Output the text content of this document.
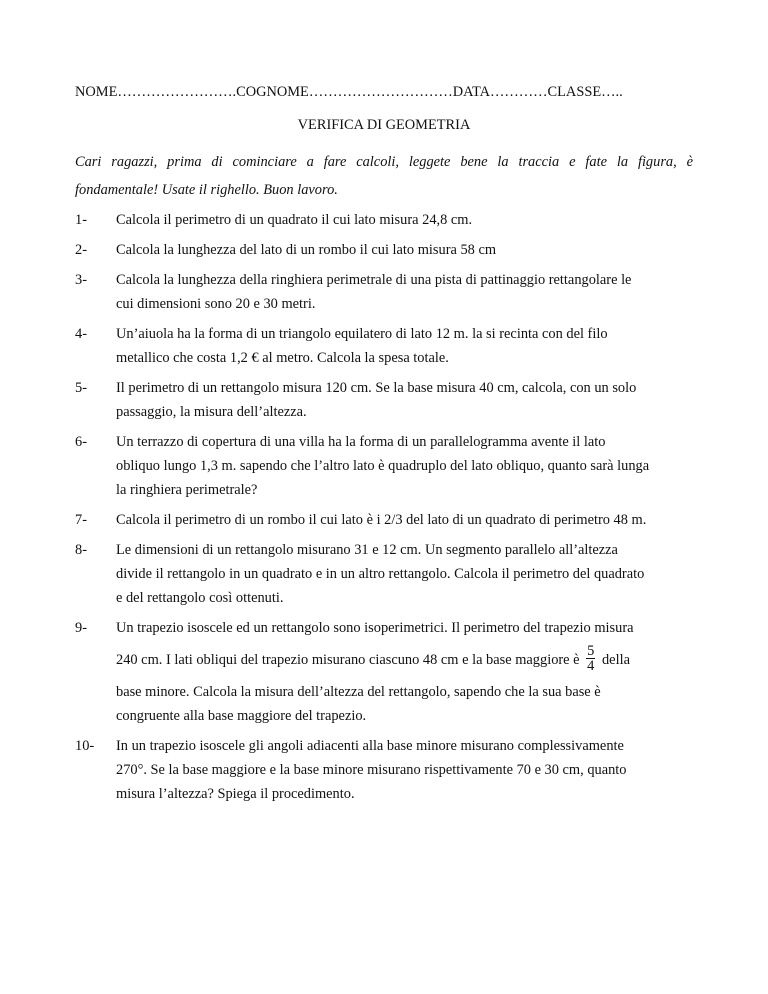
NOME…………………….COGNOME…………………………DATA…………CLASSE…..
VERIFICA DI GEOMETRIA
Cari ragazzi, prima di cominciare a fare calcoli, leggete bene la traccia e fate la figura, è
fondamentale! Usate il righello. Buon lavoro.
1-	Calcola il perimetro di un quadrato il cui lato misura 24,8 cm.
2-	Calcola la lunghezza del lato di un rombo il cui lato misura 58 cm
3-	Calcola la lunghezza della ringhiera perimetrale di una pista di pattinaggio rettangolare le
cui dimensioni sono 20 e 30 metri.
4-	Un’aiuola ha la forma di un triangolo equilatero di lato 12 m. la si recinta con del filo
metallico che costa 1,2 € al metro. Calcola la spesa totale.
5-	Il perimetro di un rettangolo misura 120 cm. Se la base misura 40 cm, calcola, con un solo
passaggio, la misura dell’altezza.
6-	Un terrazzo di copertura di una villa ha la forma di un parallelogramma avente il lato
obliquo lungo 1,3 m. sapendo che l’altro lato è quadruplo del lato obliquo, quanto sarà lunga
la ringhiera perimetrale?
7-	Calcola il perimetro di un rombo il cui lato è i 2/3 del lato di un quadrato di perimetro 48 m.
8-	Le dimensioni di un rettangolo misurano 31 e 12 cm. Un segmento parallelo all’altezza
divide il rettangolo in un quadrato e in un altro rettangolo. Calcola il perimetro del quadrato
e del rettangolo così ottenuti.
9-	Un trapezio isoscele ed un rettangolo sono isoperimetrici. Il perimetro del trapezio misura
240 cm. I lati obliqui del trapezio misurano ciascuno 48 cm e la base maggiore è $\frac{5}{4}$ della
base minore. Calcola la misura dell’altezza del rettangolo, sapendo che la sua base è
congruente alla base maggiore del trapezio.
10-	In un trapezio isoscele gli angoli adiacenti alla base minore misurano complessivamente
270°. Se la base maggiore e la base minore misurano rispettivamente 70 e 30 cm, quanto
misura l’altezza? Spiega il procedimento.
